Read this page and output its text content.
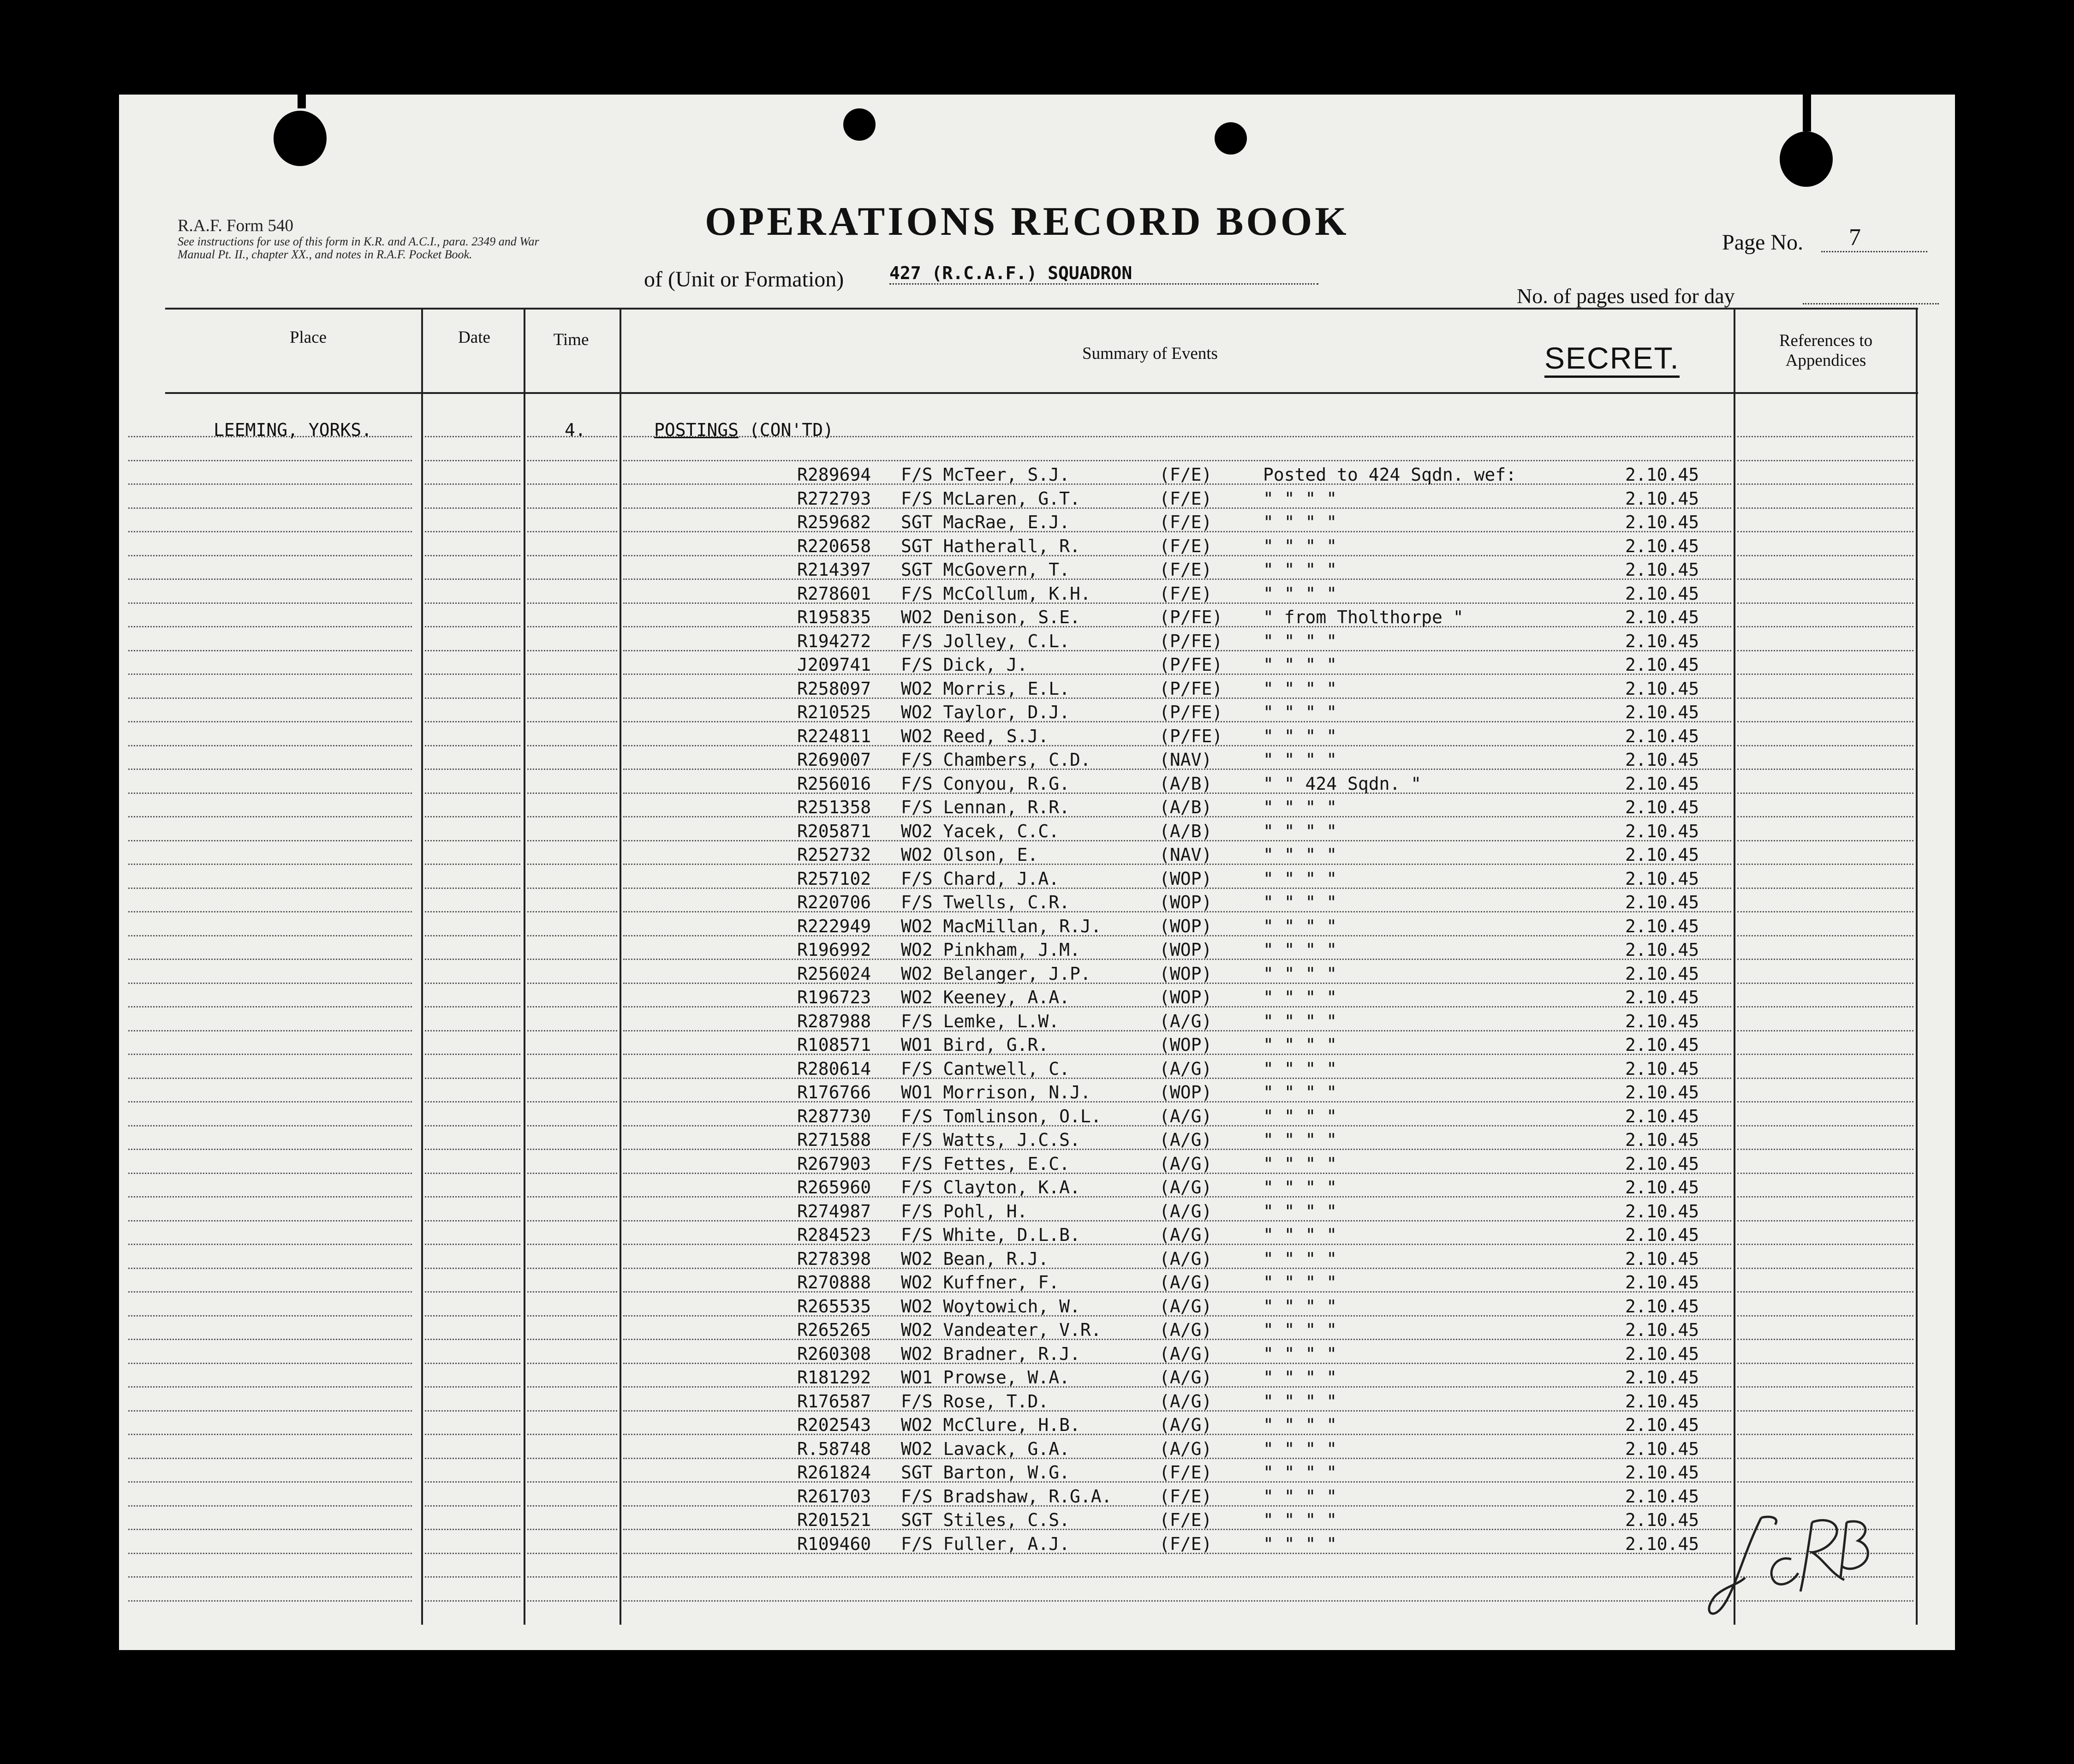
R.A.F. Form 540
See instructions for use of this form in K.R. and A.C.I., para. 2349 and War Manual Pt. II., chapter XX., and notes in R.A.F. Pocket Book.
OPERATIONS RECORD BOOK
of (Unit or Formation)	427 (R.C.A.F.) SQUADRON
Page No.	7
No. of pages used for day
Place	Date	Time
Summary of Events
References to Appendices
SECRET.
LEEMING, YORKS.	4.	POSTINGS (CON'TD)
R289694 F/S McTeer, S.J.	(F/E)	Posted to 424 Sqdn. wef:	2.10.45
R272793 F/S McLaren, G.T.	(F/E)	" " " "	2.10.45
R259682 SGT MacRae, E.J.	(F/E)	" " " "	2.10.45
R220658 SGT Hatherall, R.	(F/E)	" " " "	2.10.45
R214397 SGT McGovern, T.	(F/E)	" " " "	2.10.45
R278601 F/S McCollum, K.H.	(F/E)	" " " "	2.10.45
R195835 WO2 Denison, S.E.	(P/FE) " from Tholthorpe "	2.10.45
R194272 F/S Jolley, C.L.	(P/FE) " " " "	2.10.45
J209741 F/S Dick, J.	(P/FE) " " " "	2.10.45
R258097 WO2 Morris, E.L.	(P/FE) " " " "	2.10.45
R210525 WO2 Taylor, D.J.	(P/FE) " " " "	2.10.45
R224811 WO2 Reed, S.J.	(P/FE) " " " "	2.10.45
R269007 F/S Chambers, C.D.	(NAV)	" " " "	2.10.45
R256016 F/S Conyou, R.G.	(A/B)	" " 424 Sqdn. "	2.10.45
R251358 F/S Lennan, R.R.	(A/B)	" " " "	2.10.45
R205871 WO2 Yacek, C.C.	(A/B)	" " " "	2.10.45
R252732 WO2 Olson, E.	(NAV)	" " " "	2.10.45
R257102 F/S Chard, J.A.	(WOP)	" " " "	2.10.45
R220706 F/S Twells, C.R.	(WOP)	" " " "	2.10.45
R222949 WO2 MacMillan, R.J.	(WOP)	" " " "	2.10.45
R196992 WO2 Pinkham, J.M.	(WOP)	" " " "	2.10.45
R256024 WO2 Belanger, J.P.	(WOP)	" " " "	2.10.45
R196723 WO2 Keeney, A.A.	(WOP)	" " " "	2.10.45
R287988 F/S Lemke, L.W.	(A/G)	" " " "	2.10.45
R108571 WO1 Bird, G.R.	(WOP)	" " " "	2.10.45
R280614 F/S Cantwell, C.	(A/G)	" " " "	2.10.45
R176766 WO1 Morrison, N.J.	(WOP)	" " " "	2.10.45
R287730 F/S Tomlinson, O.L.	(A/G)	" " " "	2.10.45
R271588 F/S Watts, J.C.S.	(A/G)	" " " "	2.10.45
R267903 F/S Fettes, E.C.	(A/G)	" " " "	2.10.45
R265960 F/S Clayton, K.A.	(A/G)	" " " "	2.10.45
R274987 F/S Pohl, H.	(A/G)	" " " "	2.10.45
R284523 F/S White, D.L.B.	(A/G)	" " " "	2.10.45
R278398 WO2 Bean, R.J.	(A/G)	" " " "	2.10.45
R270888 WO2 Kuffner, F.	(A/G)	" " " "	2.10.45
R265535 WO2 Woytowich, W.	(A/G)	" " " "	2.10.45
R265265 WO2 Vandeater, V.R.	(A/G)	" " " "	2.10.45
R260308 WO2 Bradner, R.J.	(A/G)	" " " "	2.10.45
R181292 WO1 Prowse, W.A.	(A/G)	" " " "	2.10.45
R176587 F/S Rose, T.D.	(A/G)	" " " "	2.10.45
R202543 WO2 McClure, H.B.	(A/G)	" " " "	2.10.45
R.58748 WO2 Lavack, G.A.	(A/G)	" " " "	2.10.45
R261824 SGT Barton, W.G.	(F/E)	" " " "	2.10.45
R261703 F/S Bradshaw, R.G.A.	(F/E)	" " " "	2.10.45
R201521 SGT Stiles, C.S.	(F/E)	" " " "	2.10.45
R109460 F/S Fuller, A.J.	(F/E)	" " " "	2.10.45
